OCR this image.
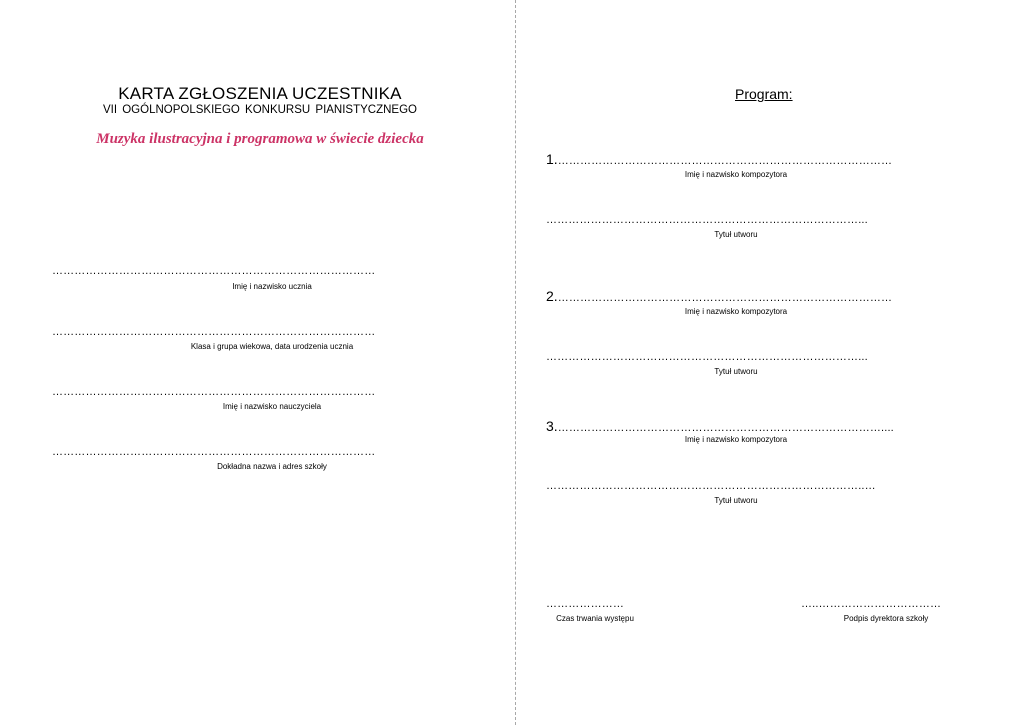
KARTA ZGŁOSZENIA UCZESTNIKA
VII OGÓLNOPOLSKIEGO KONKURSU PIANISTYCZNEGO
Muzyka ilustracyjna i programowa w świecie dziecka
……………………………………………………………………………
Imię i nazwisko ucznia
……………………………………………………………………………
Klasa i grupa wiekowa, data urodzenia ucznia
……………………………………………………………………………
Imię i nazwisko nauczyciela
……………………………………………………………………………
Dokładna nazwa i adres szkoły
Program:
1.………………………………………………………………………………
Imię i nazwisko kompozytora
…………………………………………………………………………...
Tytuł utworu
2.………………………………………………………………………………
Imię i nazwisko kompozytora
…………………………………………………………………………...
Tytuł utworu
3.……………………………………………………………………………....
Imię i nazwisko kompozytora
…………………………………………………………………………..…
Tytuł utworu
…………………
Czas trwania występu
…..……………………………
Podpis dyrektora szkoły
